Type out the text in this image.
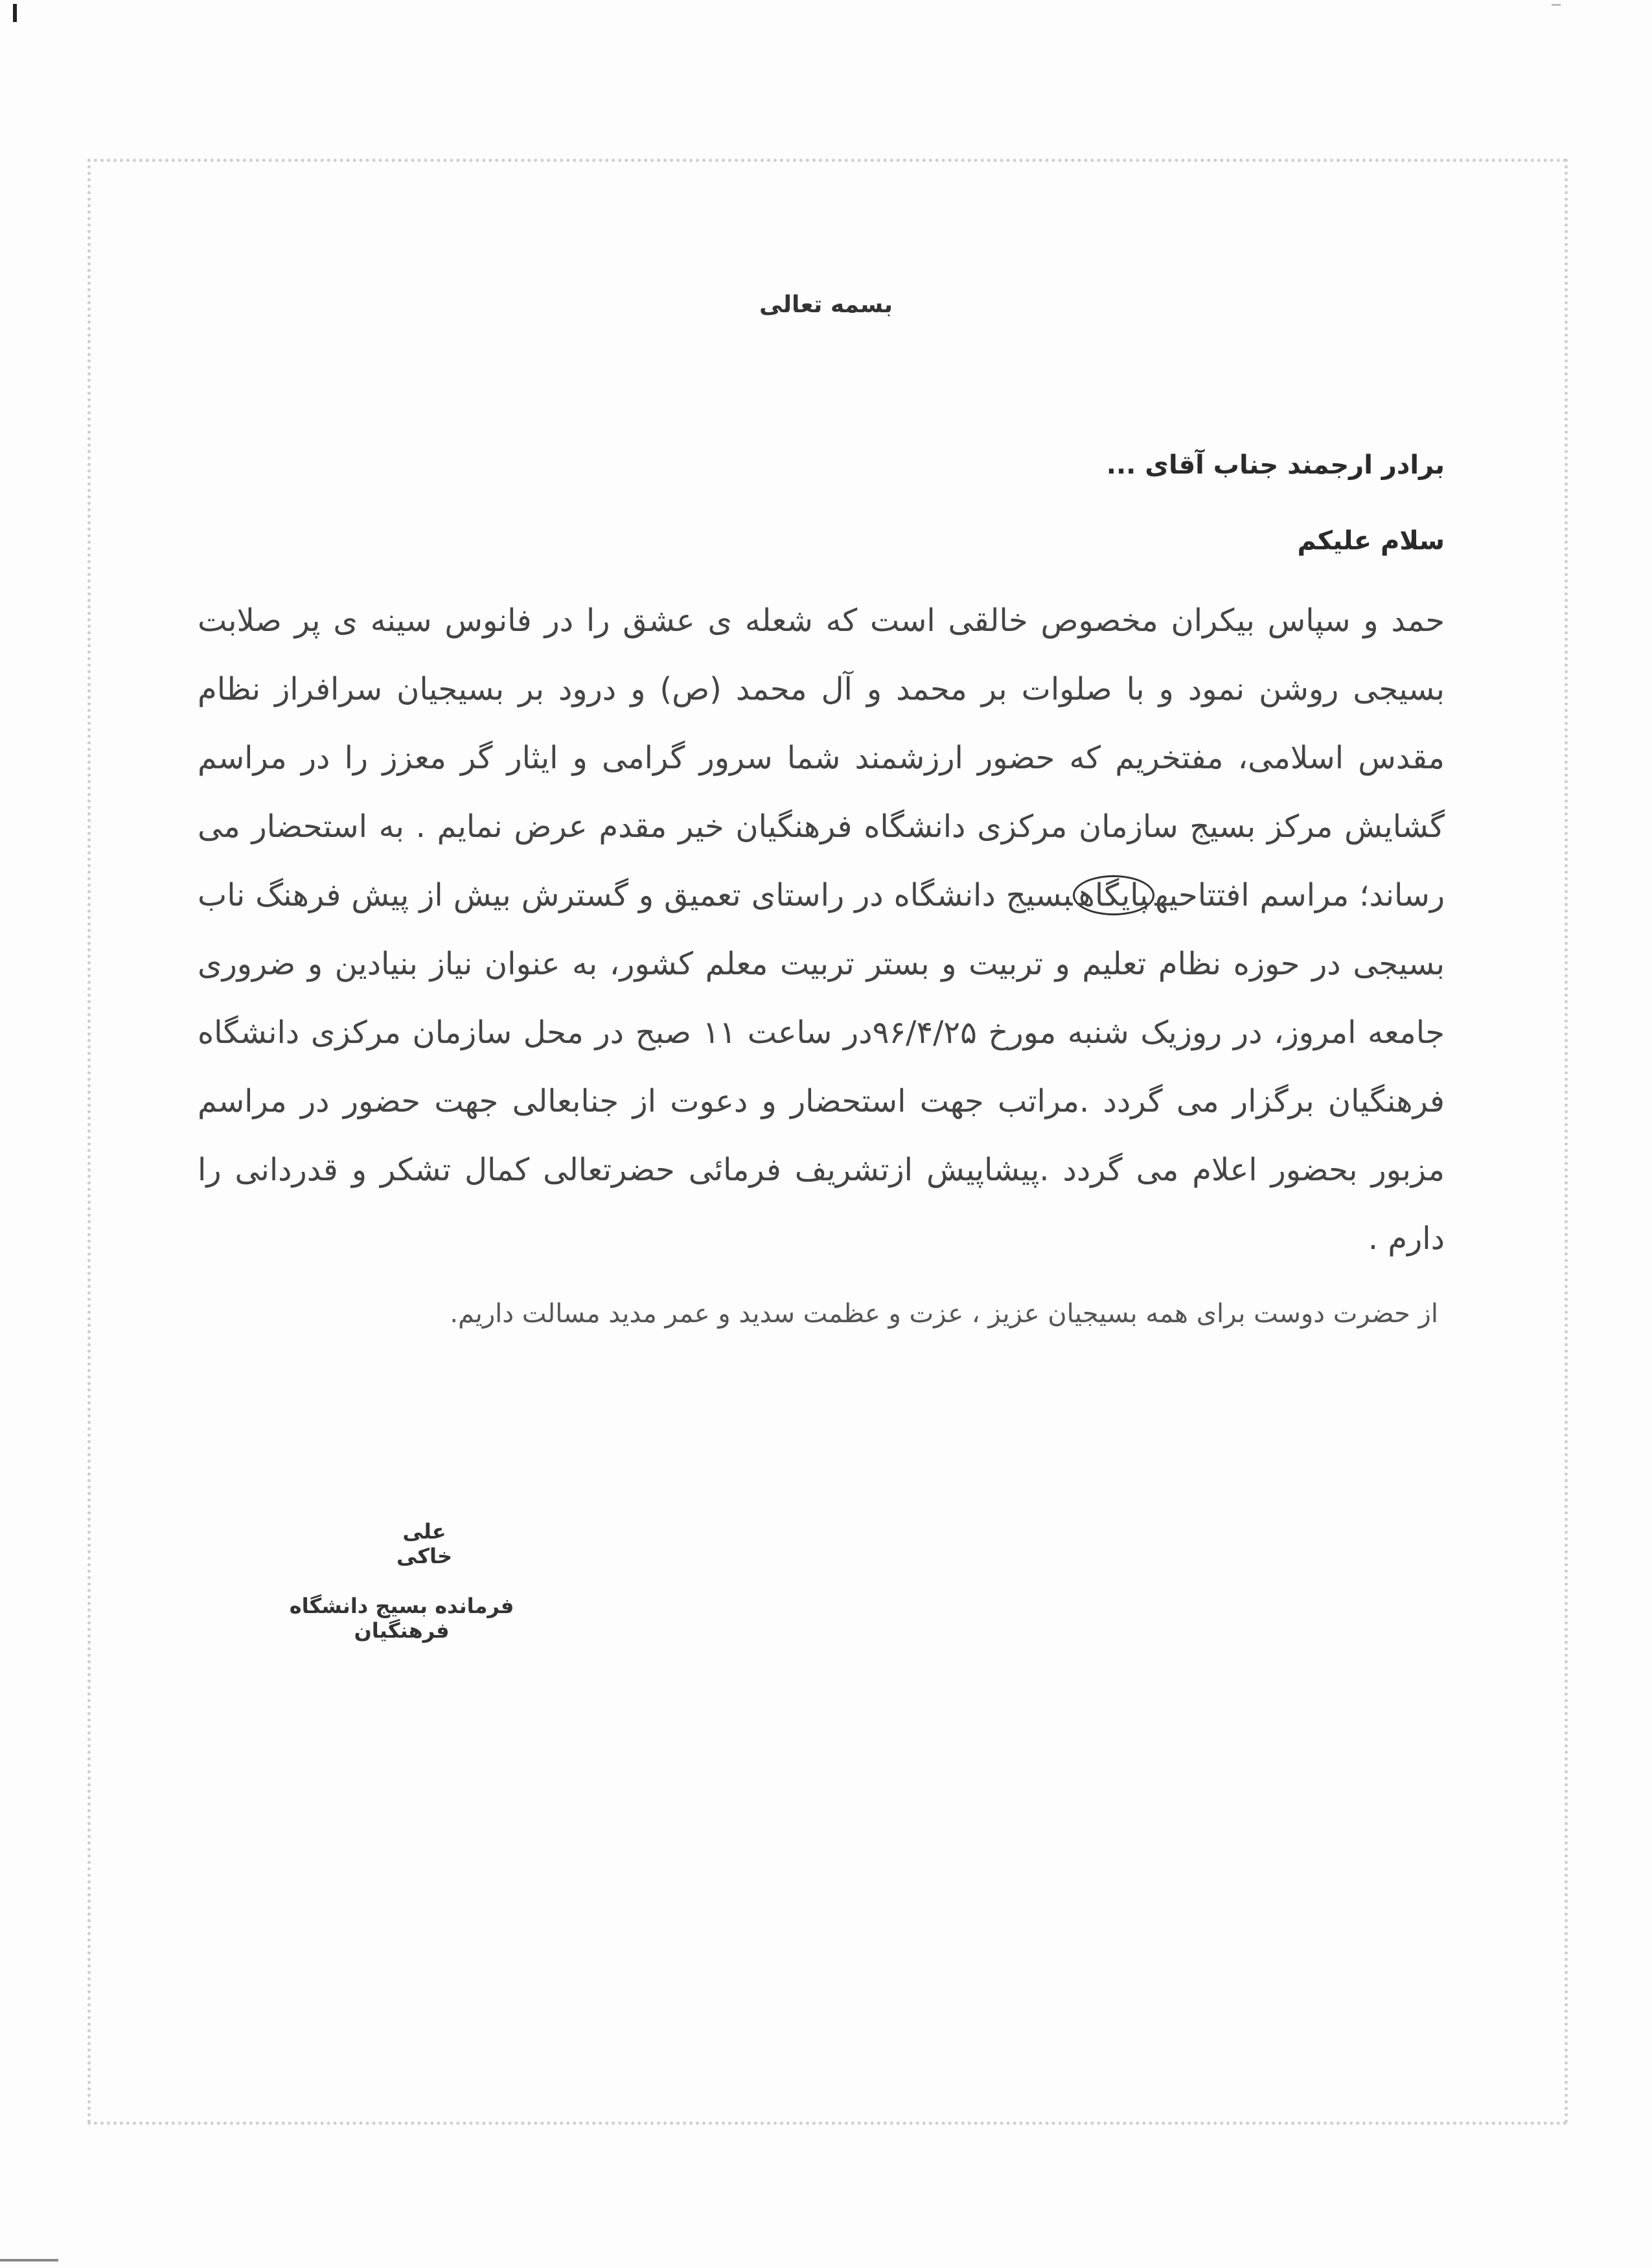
بسمه تعالی
برادر ارجمند جناب آقای ...
سلام علیکم
حمد و سپاس بیکران مخصوص خالقی است که شعله ی عشق را در فانوس سینه ی پر صلابت بسیجی روشن نمود و با صلوات بر محمد و آل محمد (ص) و درود بر بسیجیان سرافراز نظام مقدس اسلامی، مفتخریم که حضور ارزشمند شما سرور گرامی و ایثار گر معزز را در مراسم گشایش مرکز بسیج سازمان مرکزی دانشگاه فرهنگیان خیر مقدم عرض نمایم . به استحضار می رساند؛ مراسم افتتاحیهپایگاهبسیج دانشگاه در راستای تعمیق و گسترش بیش از پیش فرهنگ ناب بسیجی در حوزه نظام تعلیم و تربیت و بستر تربیت معلم کشور، به عنوان نیاز بنیادین و ضروری جامعه امروز، در روزیک شنبه مورخ ۹۶/۴/۲۵در ساعت ۱۱ صبح در محل سازمان مرکزی دانشگاه فرهنگیان برگزار می گردد .مراتب جهت استحضار و دعوت از جنابعالی جهت حضور در مراسم مزبور بحضور اعلام می گردد .پیشاپیش ازتشریف فرمائی حضرتعالی کمال تشکر و قدردانی را دارم .
از حضرت دوست برای همه بسیجیان عزیز ، عزت و عظمت سدید و عمر مدید مسالت داریم.
علی خاکی
فرمانده بسیج دانشگاه فرهنگیان
